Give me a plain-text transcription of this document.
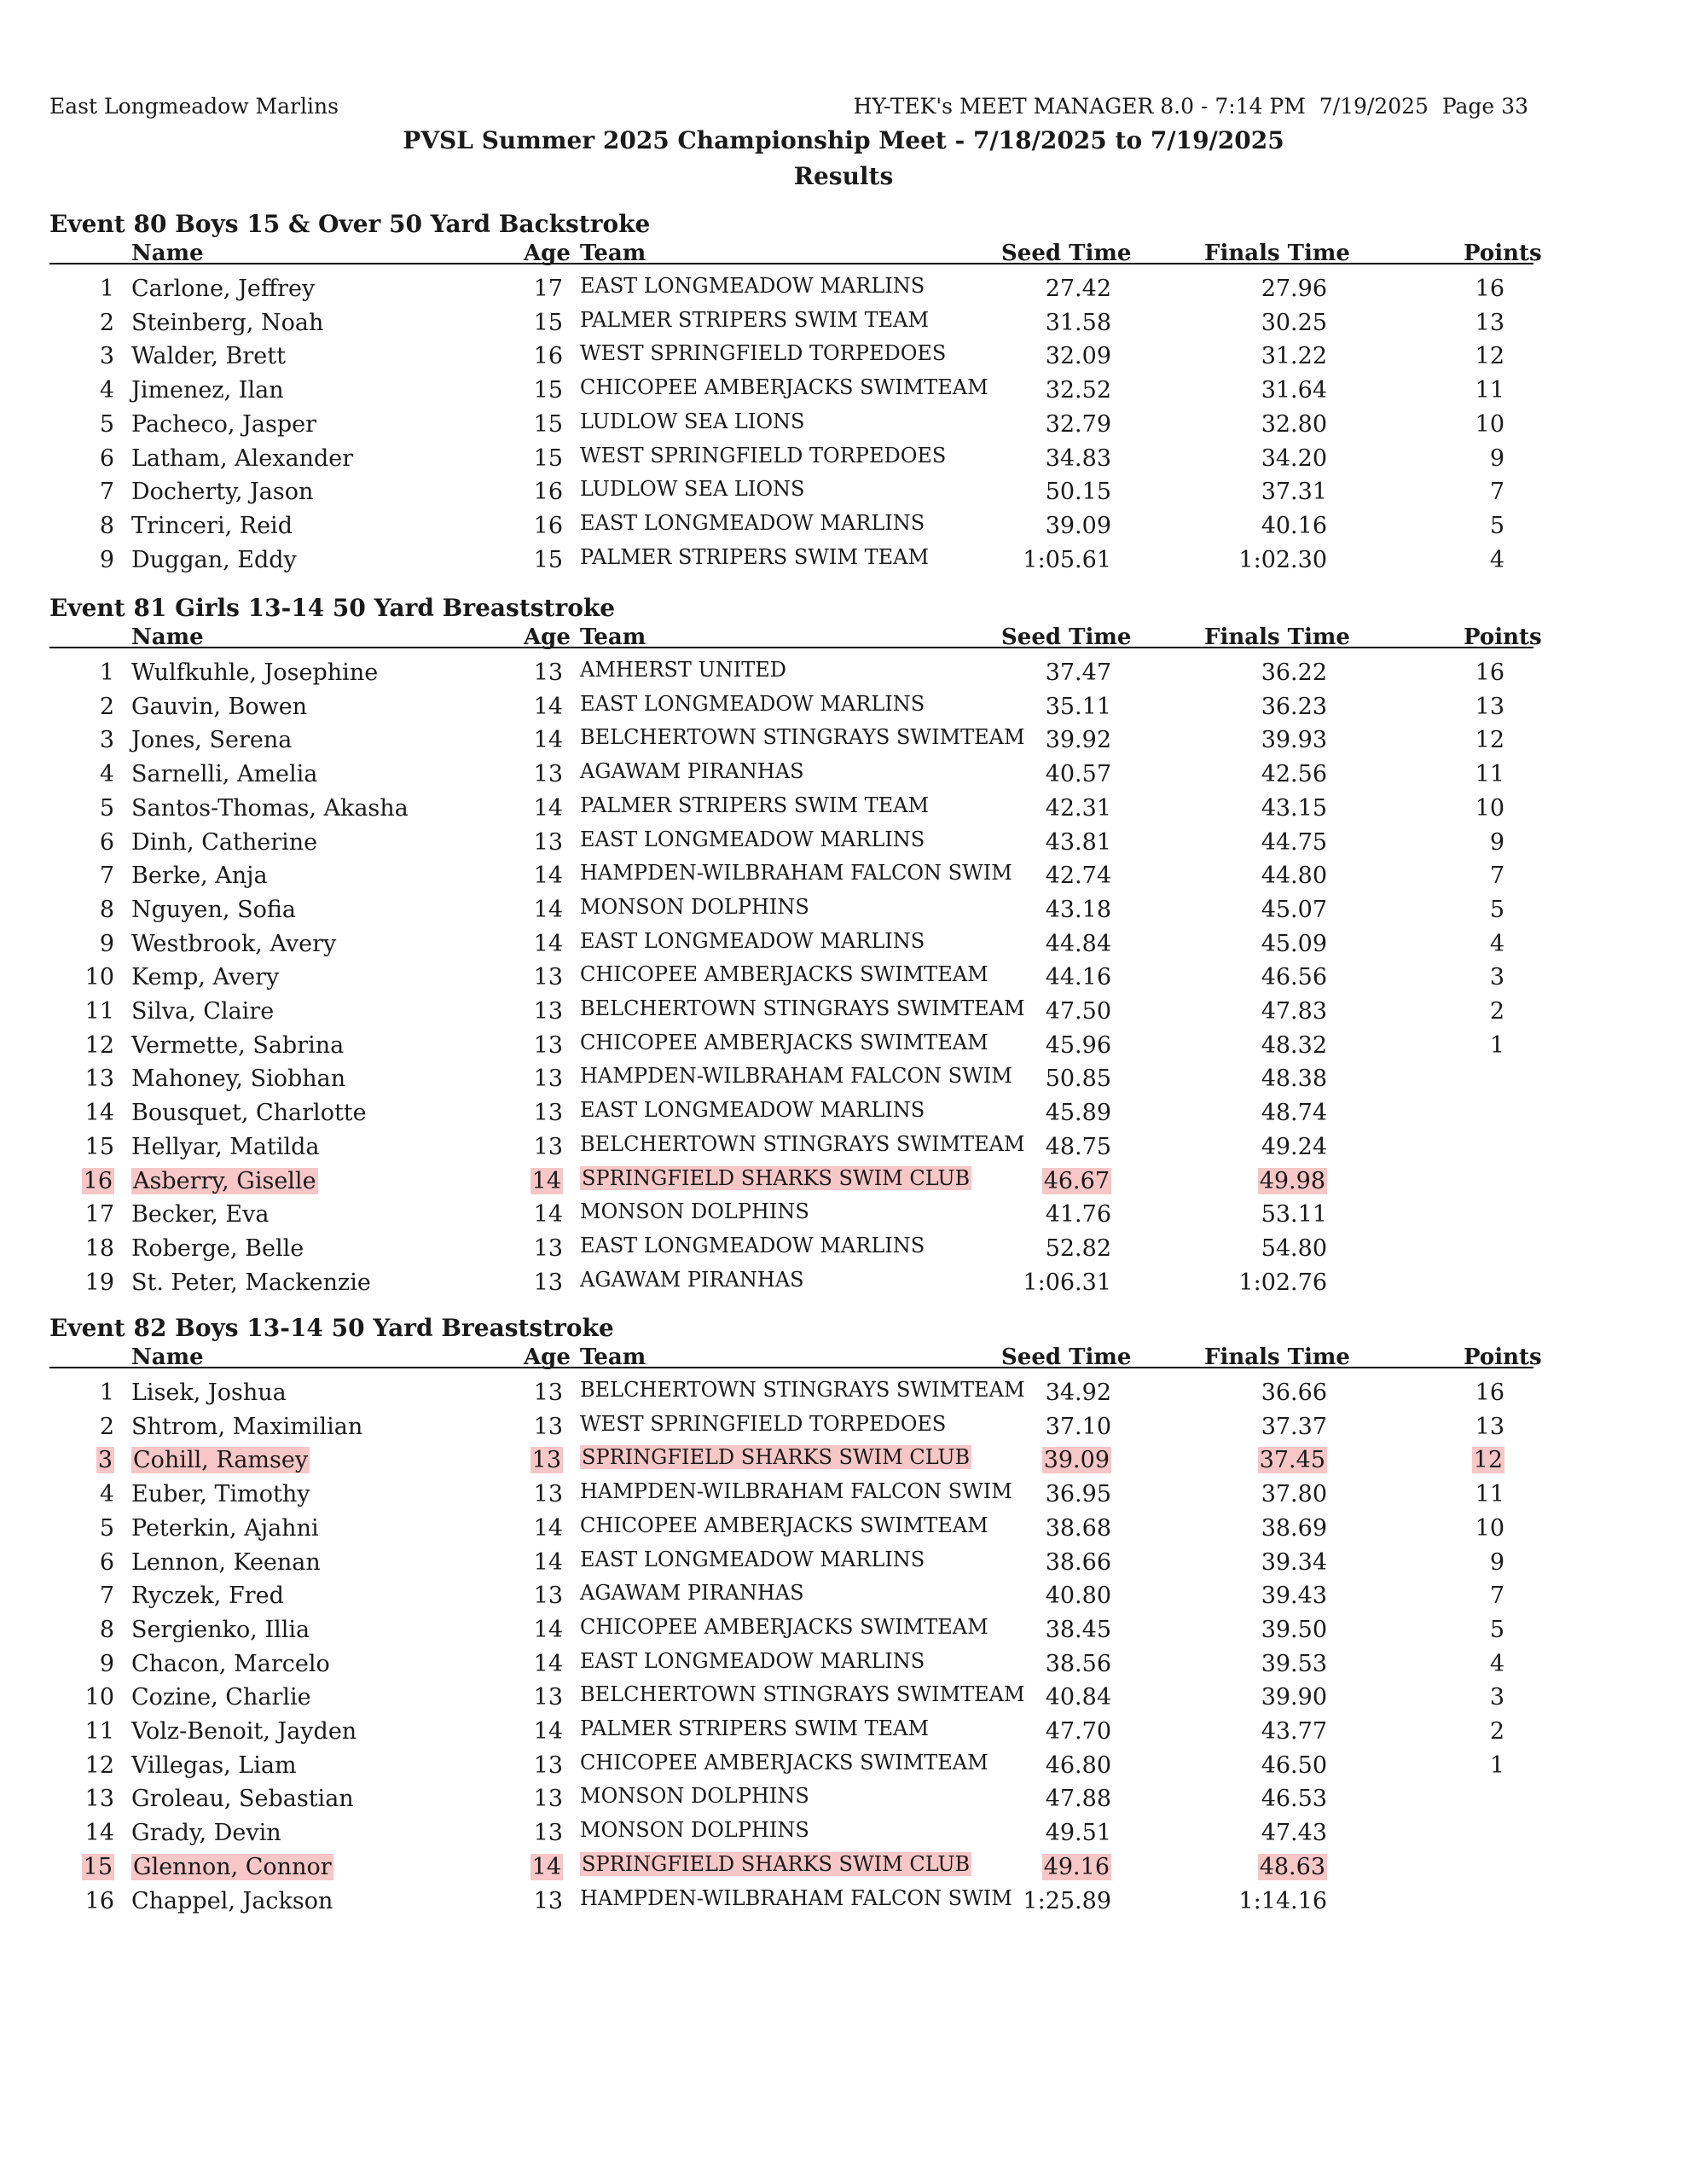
East Longmeadow Marlins	HY-TEK's MEET MANAGER 8.0 - 7:14 PM  7/19/2025  Page 33
PVSL Summer 2025 Championship Meet - 7/18/2025 to 7/19/2025
Results
Event 80 Boys 15 & Over 50 Yard Backstroke
Name	Age Team	Seed Time	Finals Time	Points
1 Carlone, Jeffrey	17 EAST LONGMEADOW MARLINS	27.42	27.96	16
2 Steinberg, Noah	15 PALMER STRIPERS SWIM TEAM	31.58	30.25	13
3 Walder, Brett	16 WEST SPRINGFIELD TORPEDOES	32.09	31.22	12
4 Jimenez, Ilan	15 CHICOPEE AMBERJACKS SWIMTEAM	32.52	31.64	11
5 Pacheco, Jasper	15 LUDLOW SEA LIONS	32.79	32.80	10
6 Latham, Alexander	15 WEST SPRINGFIELD TORPEDOES	34.83	34.20	9
7 Docherty, Jason	16 LUDLOW SEA LIONS	50.15	37.31	7
8 Trinceri, Reid	16 EAST LONGMEADOW MARLINS	39.09	40.16	5
9 Duggan, Eddy	15 PALMER STRIPERS SWIM TEAM	1:05.61	1:02.30	4
Event 81 Girls 13-14 50 Yard Breaststroke
Name	Age Team	Seed Time	Finals Time	Points
1 Wulfkuhle, Josephine	13 AMHERST UNITED	37.47	36.22	16
2 Gauvin, Bowen	14 EAST LONGMEADOW MARLINS	35.11	36.23	13
3 Jones, Serena	14 BELCHERTOWN STINGRAYS SWIMTEAM 39.92	39.93	12
4 Sarnelli, Amelia	13 AGAWAM PIRANHAS	40.57	42.56	11
5 Santos-Thomas, Akasha	14 PALMER STRIPERS SWIM TEAM	42.31	43.15	10
6 Dinh, Catherine	13 EAST LONGMEADOW MARLINS	43.81	44.75	9
7 Berke, Anja	14 HAMPDEN-WILBRAHAM FALCON SWIM	42.74	44.80	7
8 Nguyen, Sofia	14 MONSON DOLPHINS	43.18	45.07	5
9 Westbrook, Avery	14 EAST LONGMEADOW MARLINS	44.84	45.09	4
10 Kemp, Avery	13 CHICOPEE AMBERJACKS SWIMTEAM	44.16	46.56	3
11 Silva, Claire	13 BELCHERTOWN STINGRAYS SWIMTEAM 47.50	47.83	2
12 Vermette, Sabrina	13 CHICOPEE AMBERJACKS SWIMTEAM	45.96	48.32	1
13 Mahoney, Siobhan	13 HAMPDEN-WILBRAHAM FALCON SWIM	50.85	48.38
14 Bousquet, Charlotte	13 EAST LONGMEADOW MARLINS	45.89	48.74
15 Hellyar, Matilda	13 BELCHERTOWN STINGRAYS SWIMTEAM 48.75	49.24
16 Asberry, Giselle	14 SPRINGFIELD SHARKS SWIM CLUB	46.67	49.98
17 Becker, Eva	14 MONSON DOLPHINS	41.76	53.11
18 Roberge, Belle	13 EAST LONGMEADOW MARLINS	52.82	54.80
19 St. Peter, Mackenzie	13 AGAWAM PIRANHAS	1:06.31	1:02.76
Event 82 Boys 13-14 50 Yard Breaststroke
Name	Age Team	Seed Time	Finals Time	Points
1 Lisek, Joshua	13 BELCHERTOWN STINGRAYS SWIMTEAM 34.92	36.66	16
2 Shtrom, Maximilian	13 WEST SPRINGFIELD TORPEDOES	37.10	37.37	13
3 Cohill, Ramsey	13 SPRINGFIELD SHARKS SWIM CLUB	39.09	37.45	12
4 Euber, Timothy	13 HAMPDEN-WILBRAHAM FALCON SWIM	36.95	37.80	11
5 Peterkin, Ajahni	14 CHICOPEE AMBERJACKS SWIMTEAM	38.68	38.69	10
6 Lennon, Keenan	14 EAST LONGMEADOW MARLINS	38.66	39.34	9
7 Ryczek, Fred	13 AGAWAM PIRANHAS	40.80	39.43	7
8 Sergienko, Illia	14 CHICOPEE AMBERJACKS SWIMTEAM	38.45	39.50	5
9 Chacon, Marcelo	14 EAST LONGMEADOW MARLINS	38.56	39.53	4
10 Cozine, Charlie	13 BELCHERTOWN STINGRAYS SWIMTEAM 40.84	39.90	3
11 Volz-Benoit, Jayden	14 PALMER STRIPERS SWIM TEAM	47.70	43.77	2
12 Villegas, Liam	13 CHICOPEE AMBERJACKS SWIMTEAM	46.80	46.50	1
13 Groleau, Sebastian	13 MONSON DOLPHINS	47.88	46.53
14 Grady, Devin	13 MONSON DOLPHINS	49.51	47.43
15 Glennon, Connor	14 SPRINGFIELD SHARKS SWIM CLUB	49.16	48.63
16 Chappel, Jackson	13 HAMPDEN-WILBRAHAM FALCON SWIM 1:25.89	1:14.16
